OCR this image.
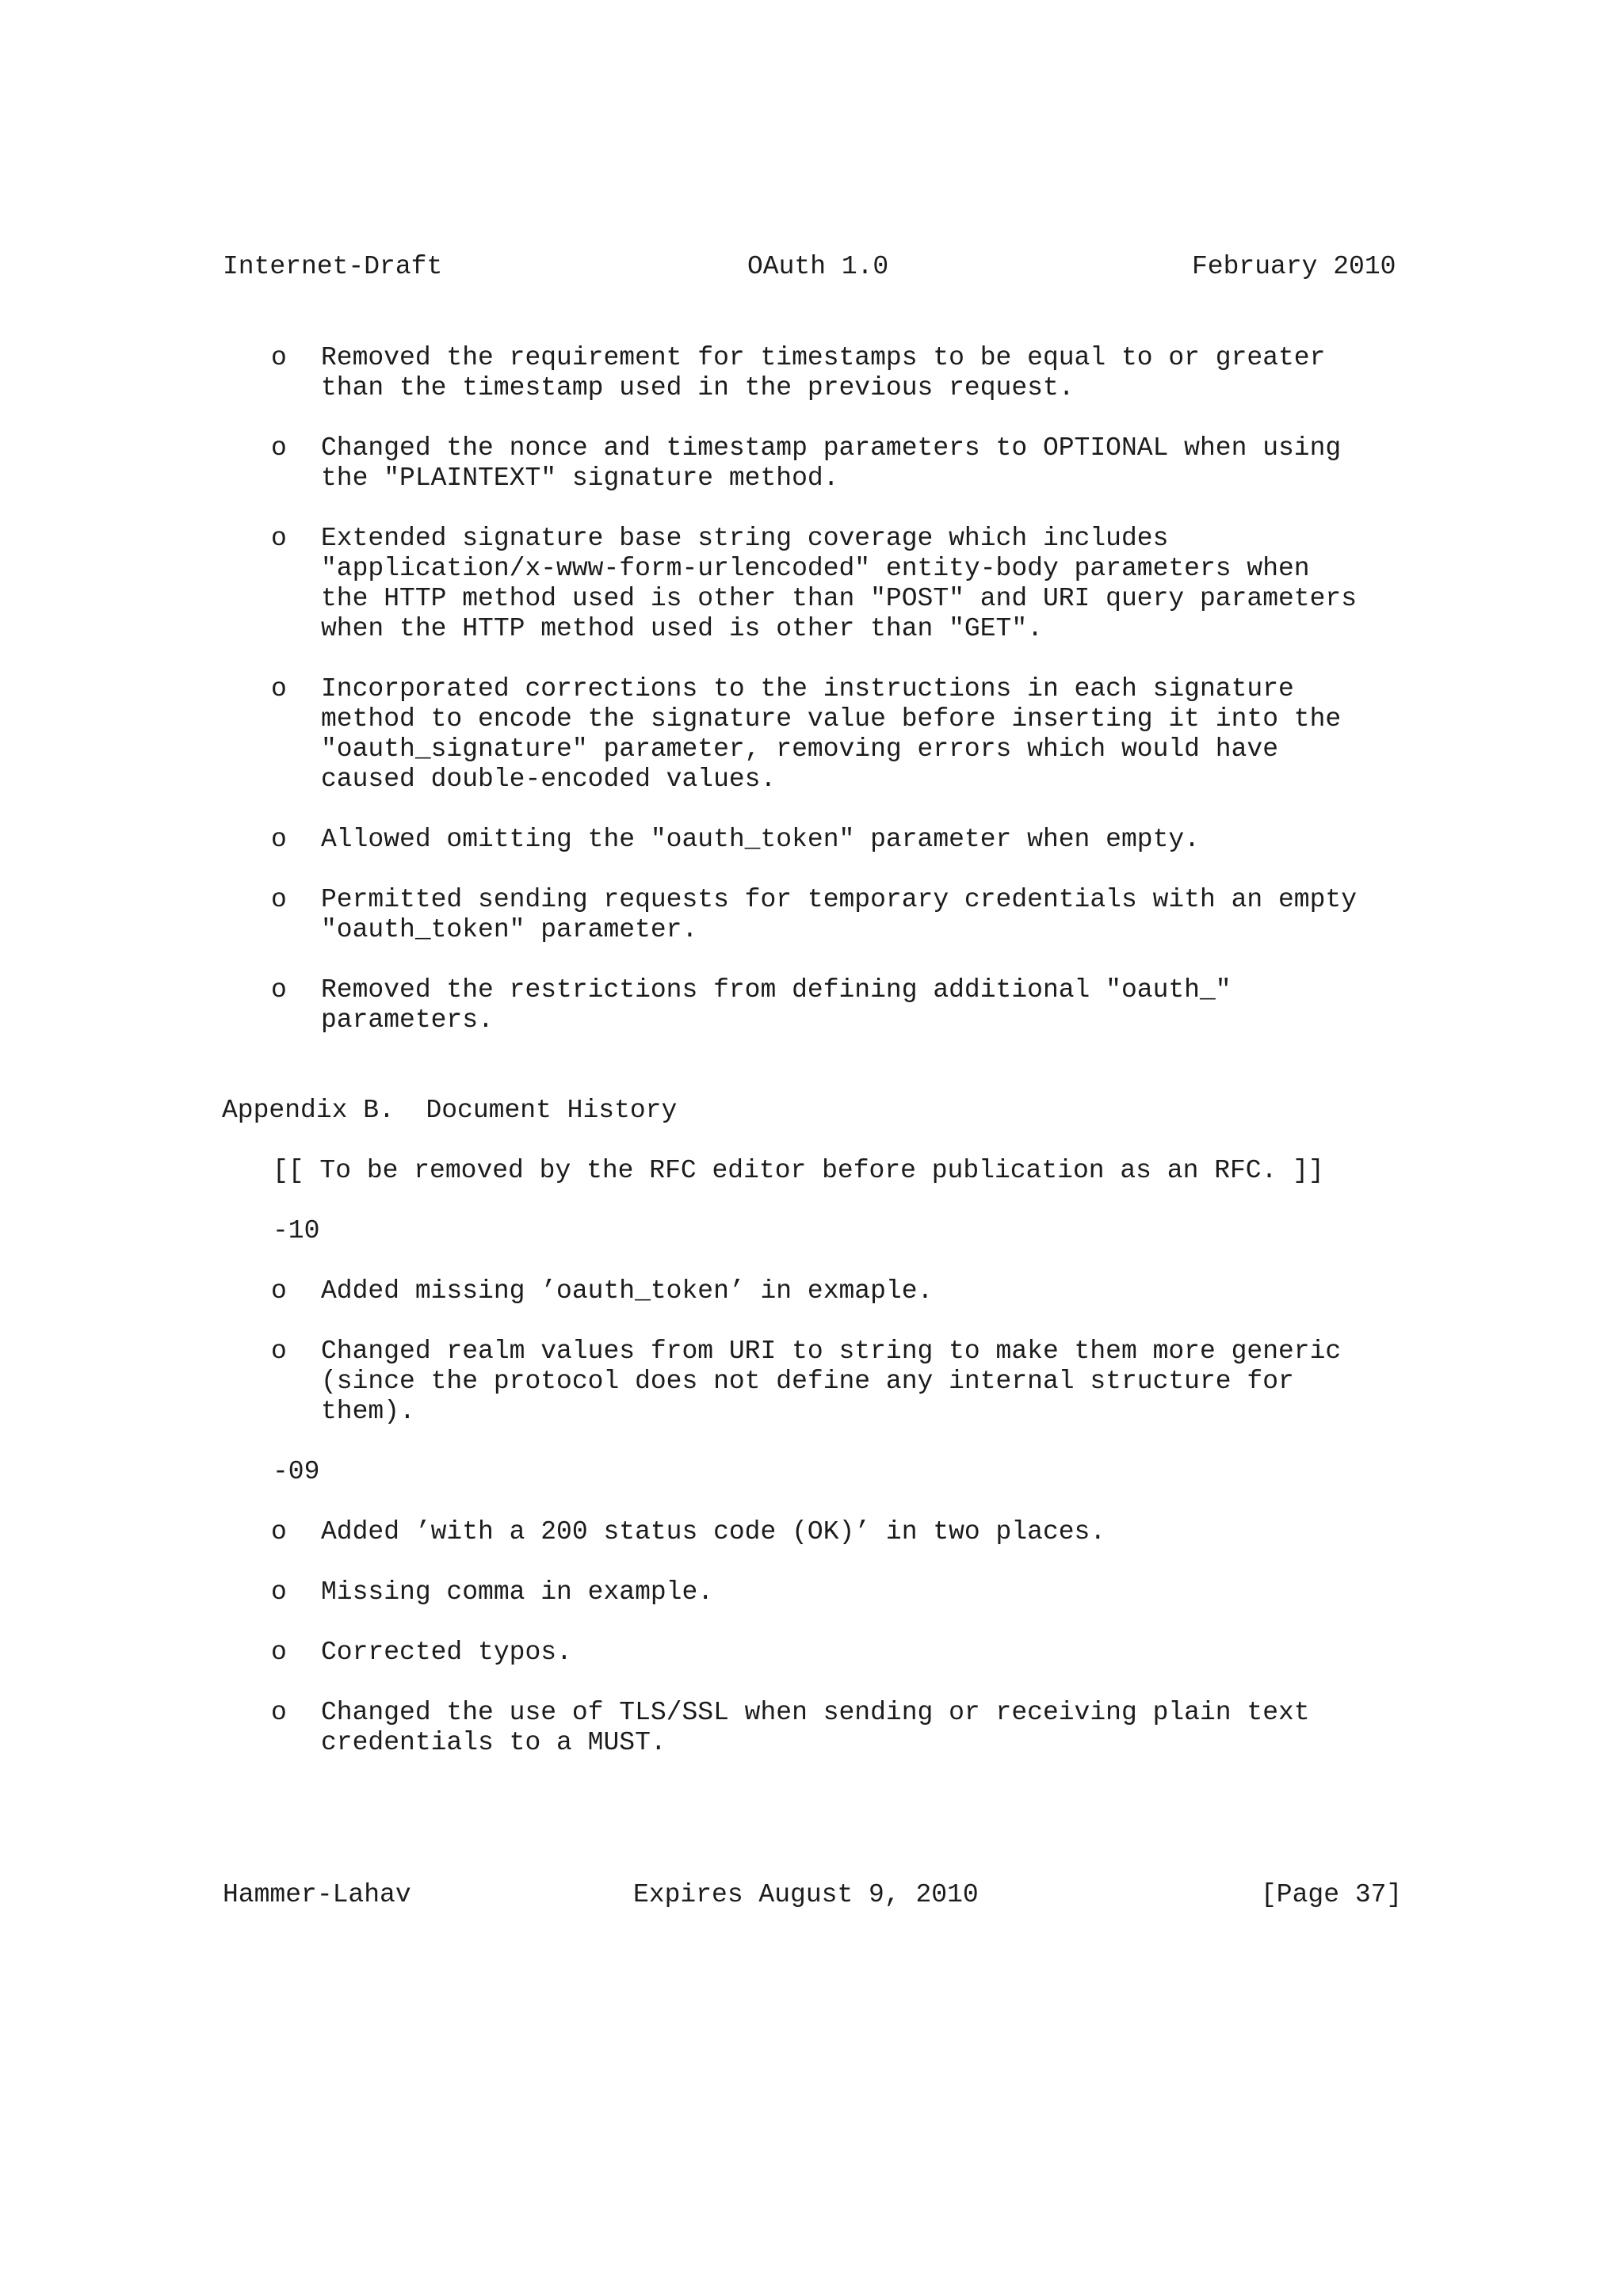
Internet-Draft	OAuth 1.0	February 2010
o Removed the requirement for timestamps to be equal to or greater
than the timestamp used in the previous request.
o Changed the nonce and timestamp parameters to OPTIONAL when using
the "PLAINTEXT" signature method.
o Extended signature base string coverage which includes
"application/x-www-form-urlencoded" entity-body parameters when
the HTTP method used is other than "POST" and URI query parameters
when the HTTP method used is other than "GET".
o Incorporated corrections to the instructions in each signature
method to encode the signature value before inserting it into the
"oauth_signature" parameter, removing errors which would have
caused double-encoded values.
o Allowed omitting the "oauth_token" parameter when empty.
o Permitted sending requests for temporary credentials with an empty
"oauth_token" parameter.
o Removed the restrictions from defining additional "oauth_"
parameters.
Appendix B.  Document History
[[ To be removed by the RFC editor before publication as an RFC. ]]
-10
o Added missing ’oauth_token’ in exmaple.
o Changed realm values from URI to string to make them more generic
(since the protocol does not define any internal structure for
them).
-09
o Added ’with a 200 status code (OK)’ in two places.
o Missing comma in example.
o Corrected typos.
o Changed the use of TLS/SSL when sending or receiving plain text
credentials to a MUST.
Hammer-Lahav	Expires August 9, 2010	[Page 37]
